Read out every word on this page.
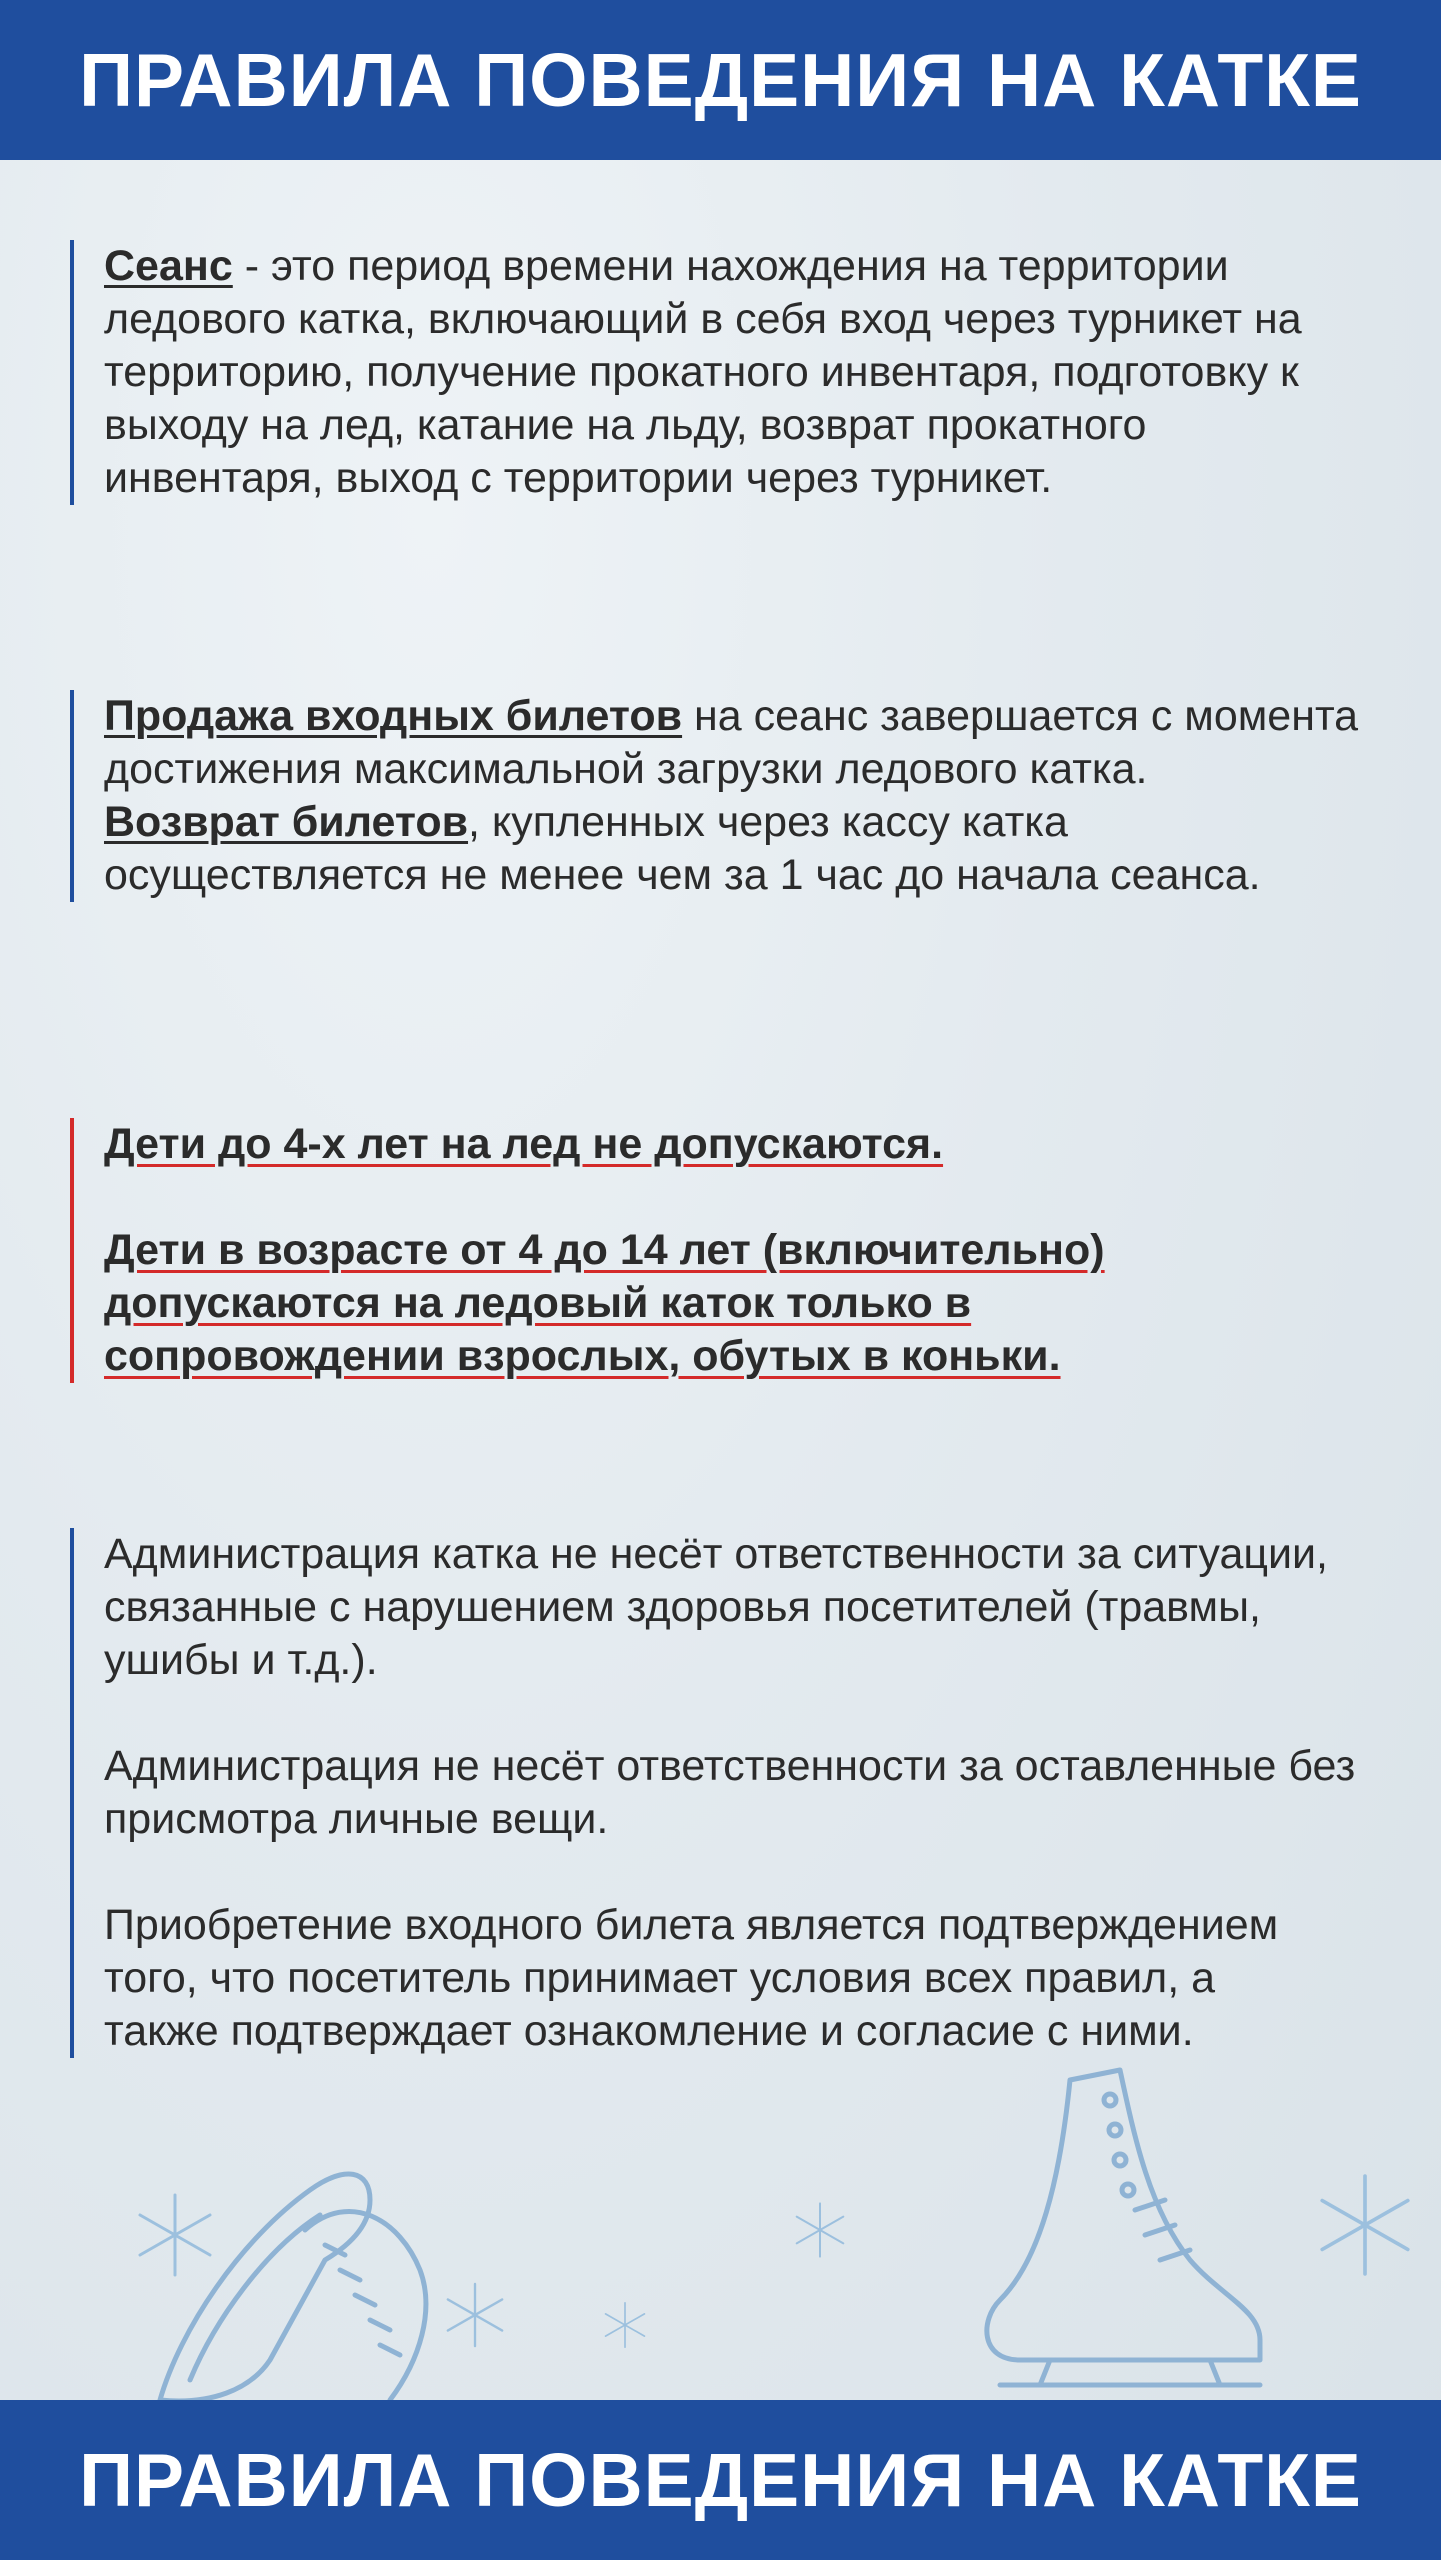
ПРАВИЛА ПОВЕДЕНИЯ НА КАТКЕ
Сеанс - это период времени нахождения на территории ледового катка, включающий в себя вход через турникет на территорию, получение прокатного инвентаря, подготовку к выходу на лед, катание на льду, возврат прокатного инвентаря, выход с территории через турникет.
Продажа входных билетов на сеанс завершается с момента достижения максимальной загрузки ледового катка.
Возврат билетов, купленных через кассу катка осуществляется не менее чем за 1 час до начала сеанса.
Дети до 4-х лет на лед не допускаются.
Дети в возрасте от 4 до 14 лет (включительно) допускаются на ледовый каток только в сопровождении взрослых, обутых в коньки.
Администрация катка не несёт ответственности за ситуации, связанные с нарушением здоровья посетителей (травмы, ушибы и т.д.).
Администрация не несёт ответственности за оставленные без присмотра личные вещи.
Приобретение входного билета является подтверждением того, что посетитель принимает условия всех правил, а также подтверждает ознакомление и согласие с ними.
ПРАВИЛА ПОВЕДЕНИЯ НА КАТКЕ
